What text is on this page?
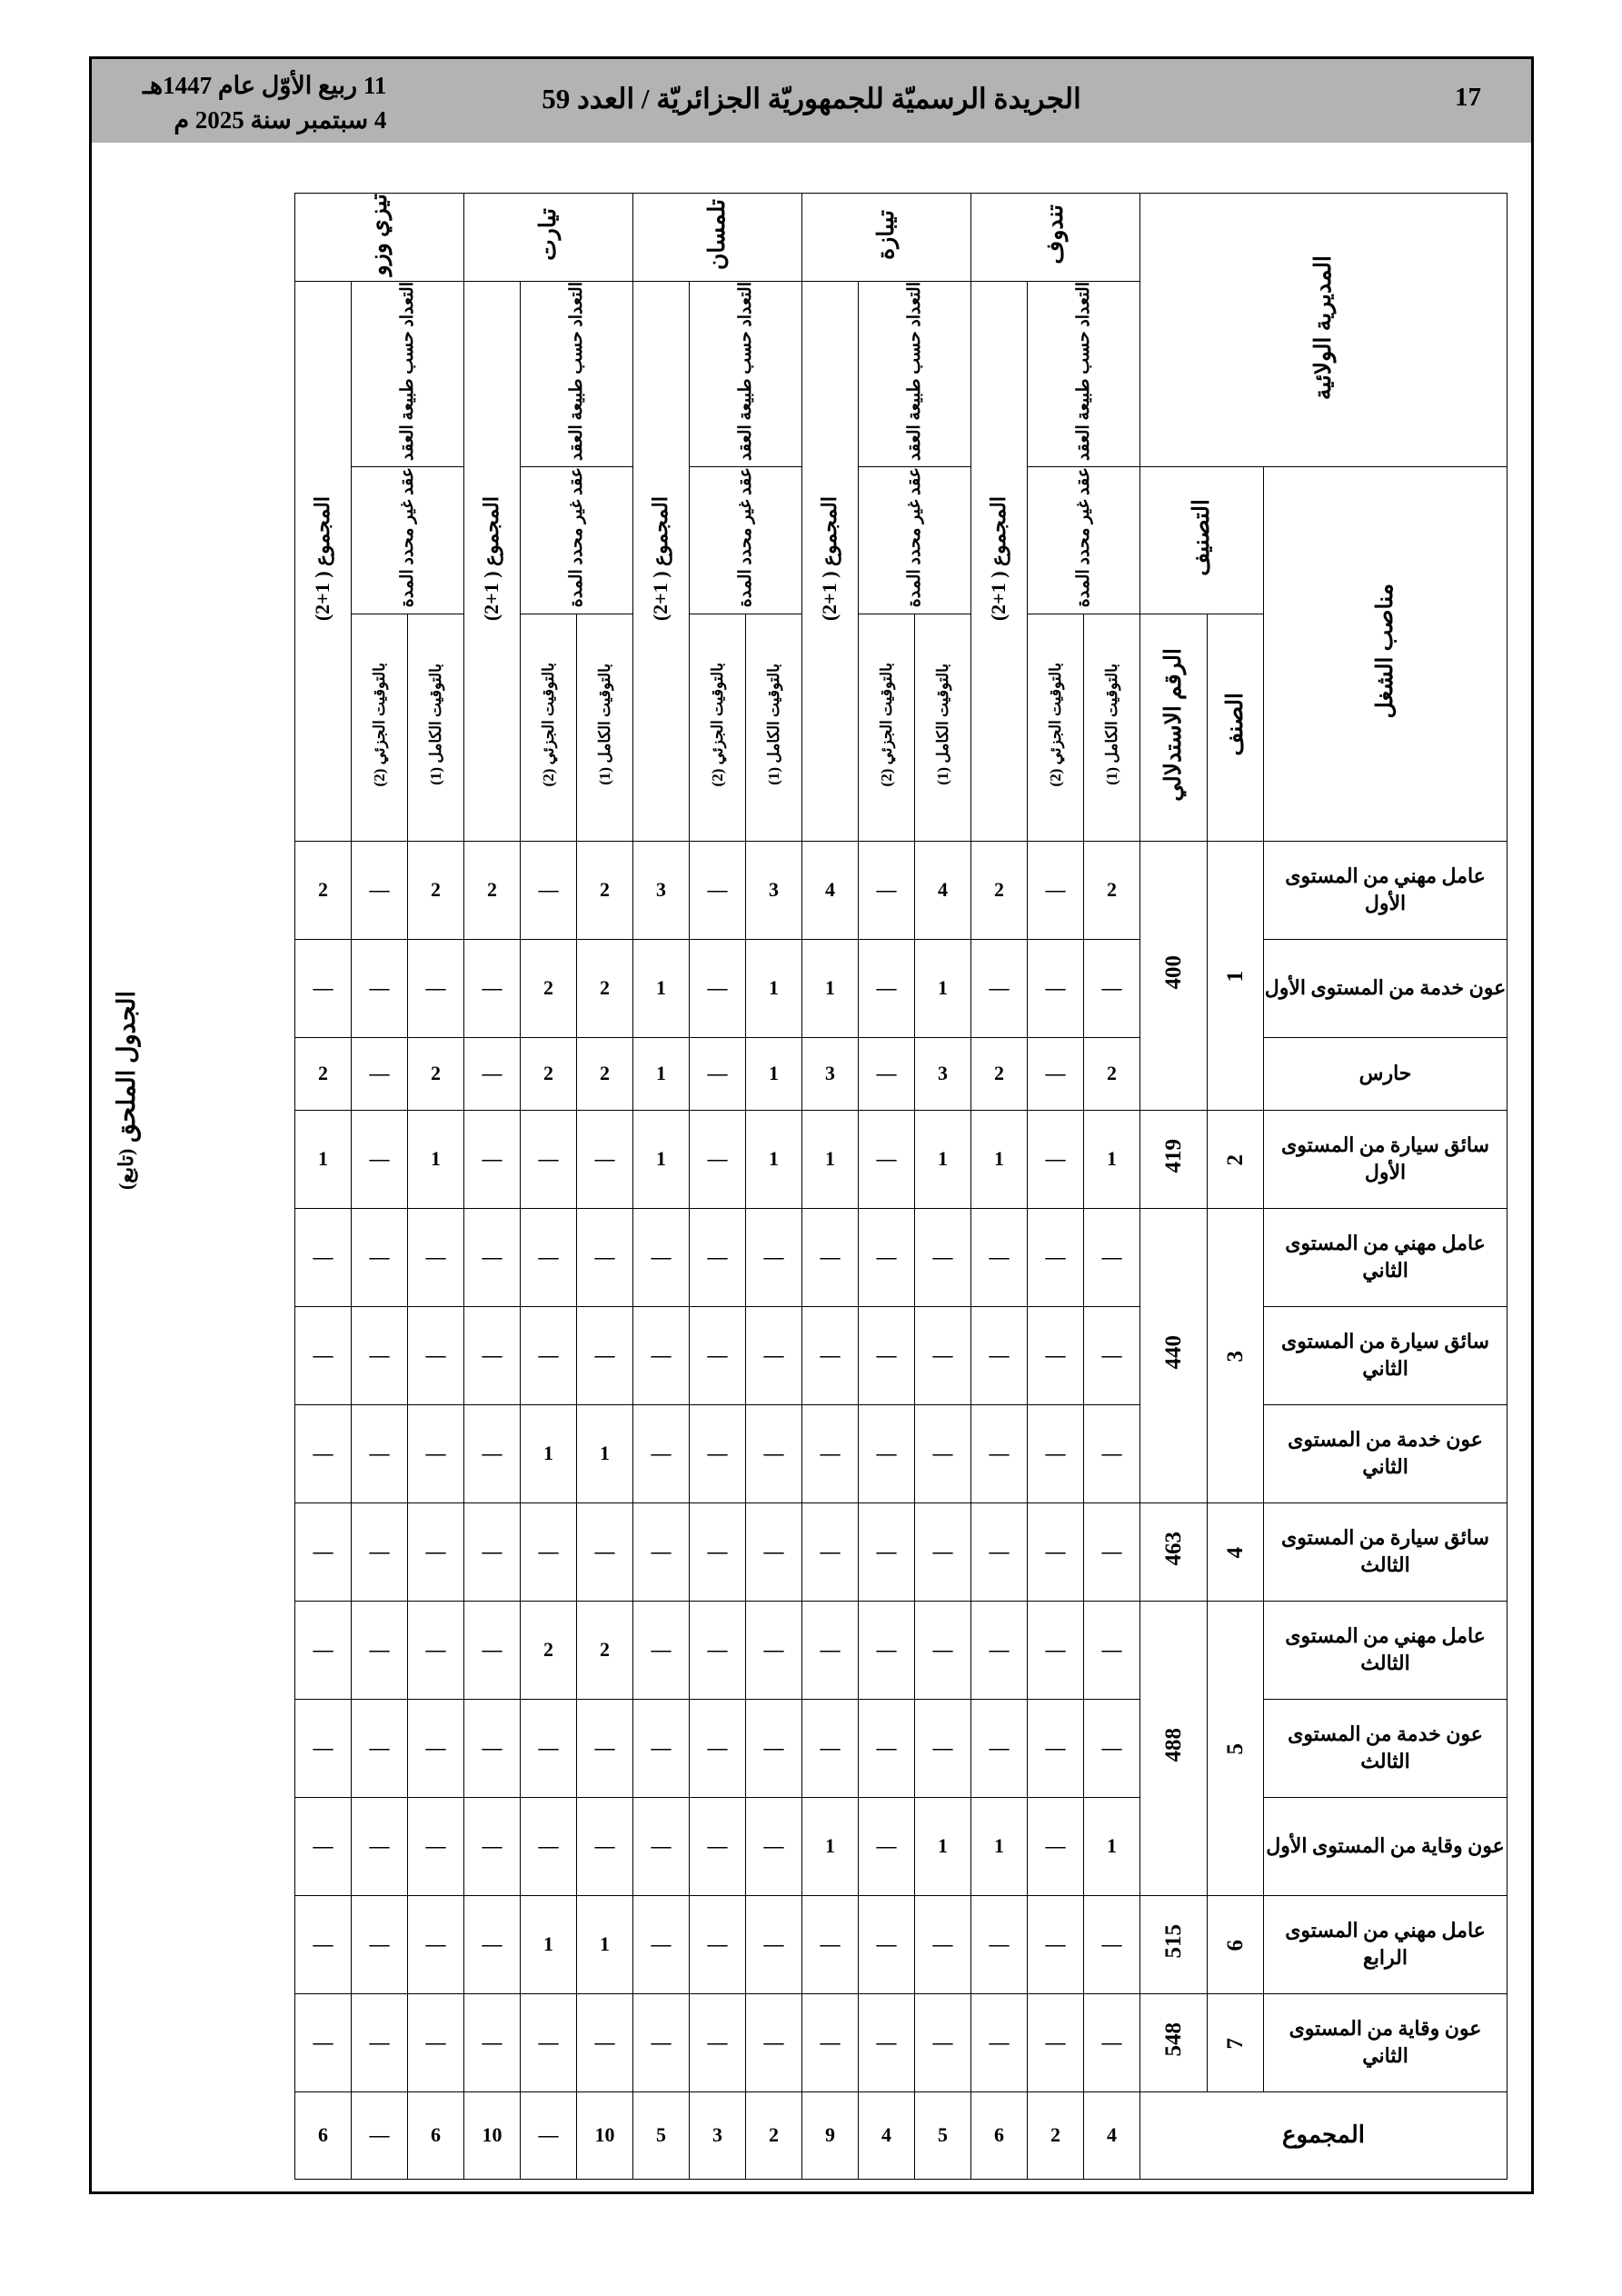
17
الجريدة الرسميّة للجمهوريّة الجزائريّة / العدد 59
11 ربيع الأوّل عام 1447هـ
4 سبتمبر سنة 2025 م
الجدول الملحق (تابع)
المديرية الولائية			تندوف			تيبازة			تلمسان			تيارت			تيزي وزو		
			التعداد حسب طبيعة العقد		المجموع ( 1+2)	التعداد حسب طبيعة العقد		المجموع ( 1+2)	التعداد حسب طبيعة العقد		المجموع ( 1+2)	التعداد حسب طبيعة العقد		المجموع ( 1+2)	التعداد حسب طبيعة العقد		المجموع ( 1+2)
مناصب الشغل	التصنيف		عقد غير محدد المدة			عقد غير محدد المدة			عقد غير محدد المدة			عقد غير محدد المدة			عقد غير محدد المدة		
	الصنف	الرقم الاستدلالي	بالتوقيت الكامل (1)	بالتوقيت الجزئي (2)		بالتوقيت الكامل (1)	بالتوقيت الجزئي (2)		بالتوقيت الكامل (1)	بالتوقيت الجزئي (2)		بالتوقيت الكامل (1)	بالتوقيت الجزئي (2)		بالتوقيت الكامل (1)	بالتوقيت الجزئي (2)	
عامل مهني من المستوى الأول	1	400	2	—	2	4	—	4	3	—	3	2	—	2	2	—	2
عون خدمة من المستوى الأول			—	—	—	1	—	1	1	—	1	2	2	—	—	—	—
حارس			2	—	2	3	—	3	1	—	1	2	2	—	2	—	2
سائق سيارة من المستوى الأول	2	419	1	—	1	1	—	1	1	—	1	—	—	—	1	—	1
عامل مهني من المستوى الثاني	3	440	—	—	—	—	—	—	—	—	—	—	—	—	—	—	—
سائق سيارة من المستوى الثاني			—	—	—	—	—	—	—	—	—	—	—	—	—	—	—
عون خدمة من المستوى الثاني			—	—	—	—	—	—	—	—	—	1	1	—	—	—	—
سائق سيارة من المستوى الثالث	4	463	—	—	—	—	—	—	—	—	—	—	—	—	—	—	—
عامل مهني من المستوى الثالث	5	488	—	—	—	—	—	—	—	—	—	2	2	—	—	—	—
عون خدمة من المستوى الثالث			—	—	—	—	—	—	—	—	—	—	—	—	—	—	—
عون وقاية من المستوى الأول			1	—	1	1	—	1	—	—	—	—	—	—	—	—	—
عامل مهني من المستوى الرابع	6	515	—	—	—	—	—	—	—	—	—	1	1	—	—	—	—
عون وقاية من المستوى الثاني	7	548	—	—	—	—	—	—	—	—	—	—	—	—	—	—	—
المجموع			4	2	6	5	4	9	2	3	5	10	—	10	6	—	6
